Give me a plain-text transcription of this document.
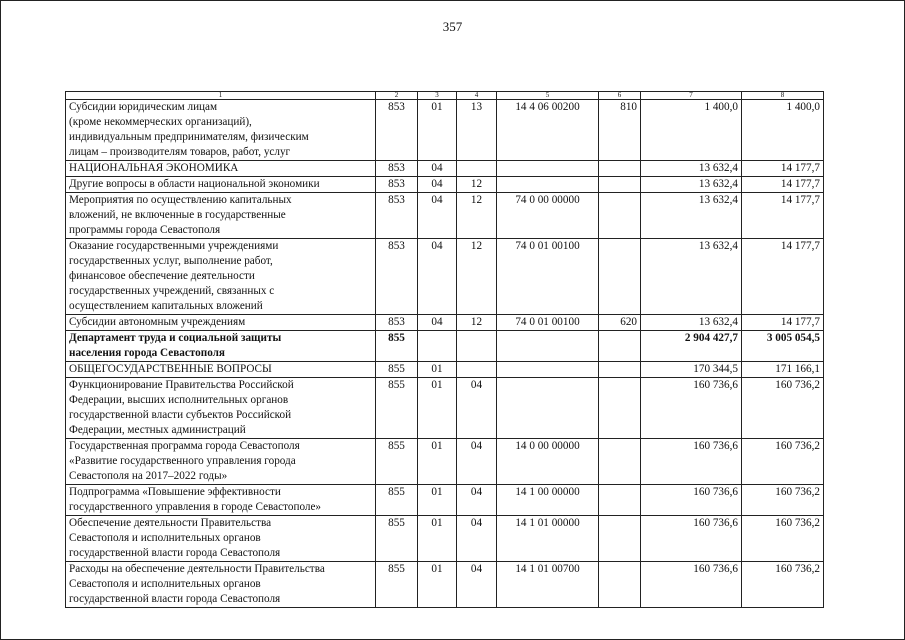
357
1	2	3	4	5	6	7	8
Субсидии юридическим лицам
(кроме некоммерческих организаций),
индивидуальным предпринимателям, физическим
лицам – производителям товаров, работ, услуг	853	01	13	14 4 06 00200	810	1 400,0	1 400,0
НАЦИОНАЛЬНАЯ ЭКОНОМИКА	853	04				13 632,4	14 177,7
Другие вопросы в области национальной экономики	853	04	12			13 632,4	14 177,7
Мероприятия по осуществлению капитальных
вложений, не включенные в государственные
программы города Севастополя	853	04	12	74 0 00 00000		13 632,4	14 177,7
Оказание государственными учреждениями
государственных услуг, выполнение работ,
финансовое обеспечение деятельности
государственных учреждений, связанных с
осуществлением капитальных вложений	853	04	12	74 0 01 00100		13 632,4	14 177,7
Субсидии автономным учреждениям	853	04	12	74 0 01 00100	620	13 632,4	14 177,7
Департамент труда и социальной защиты
населения города Севастополя	855					2 904 427,7	3 005 054,5
ОБЩЕГОСУДАРСТВЕННЫЕ ВОПРОСЫ	855	01				170 344,5	171 166,1
Функционирование Правительства Российской
Федерации, высших исполнительных органов
государственной власти субъектов Российской
Федерации, местных администраций	855	01	04			160 736,6	160 736,2
Государственная программа города Севастополя
«Развитие государственного управления города
Севастополя на 2017–2022 годы»	855	01	04	14 0 00 00000		160 736,6	160 736,2
Подпрограмма «Повышение эффективности
государственного управления в городе Севастополе»	855	01	04	14 1 00 00000		160 736,6	160 736,2
Обеспечение деятельности Правительства
Севастополя и исполнительных органов
государственной власти города Севастополя	855	01	04	14 1 01 00000		160 736,6	160 736,2
Расходы на обеспечение деятельности Правительства
Севастополя и исполнительных органов
государственной власти города Севастополя	855	01	04	14 1 01 00700		160 736,6	160 736,2
